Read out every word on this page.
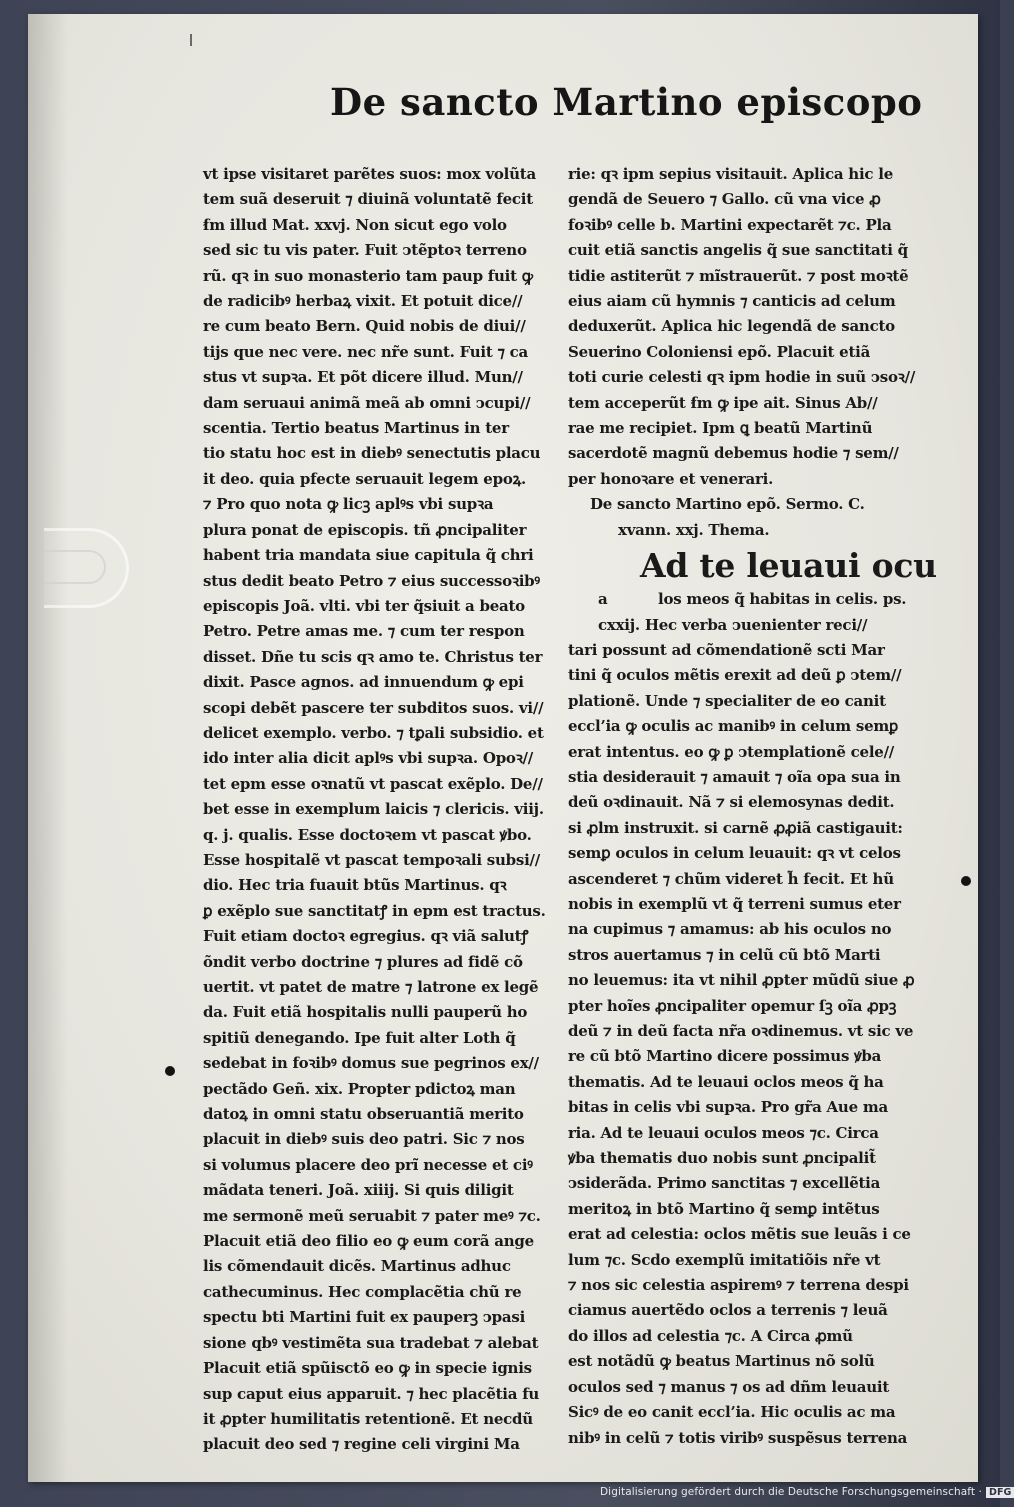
De sancto Martino episcopo
vt ipse visitaret parẽtes suos: mox volũta
tem suã deseruit ⁊ diuinã voluntatẽ fecit
ẜm illud Mat. xxvj. Non sicut ego volo
sed sic tu vis pater. Fuit ↄtẽptoꝛ terreno
rũ. qꝛ in suo monasterio tam paup fuit ꝙ
de radicibꝰ herbaꝝ vixit. Et potuit dice//
re cum beato Bern. Quid nobis de diui//
tijs que nec vere. nec nr̃e sunt. Fuit ⁊ ca
stus vt supꝛa. Et põt dicere illud. Mun//
dam seruaui animã meã ab omni ↄcupi//
scentia. Tertio beatus Martinus in ter
tio statu hoc est in diebꝰ senectutis placu
it deo. quia pfecte seruauit legem epoꝝ.
⁊ Pro quo nota ꝙ licꝫ aplꝰs vbi supꝛa
plura ponat de episcopis. tñ ꝓncipaliter
habent tria mandata siue capitula q̃ chri
stus dedit beato Petro ⁊ eius successoꝛibꝰ
episcopis Joã. vlti. vbi ter q̃siuit a beato
Petro. Petre amas me. ⁊ cum ter respon
disset. Dñe tu scis qꝛ amo te. Christus ter
dixit. Pasce agnos. ad innuendum ꝙ epi
scopi debẽt pascere ter subditos suos. vi//
delicet exemplo. verbo. ⁊ tꝑali subsidio. et
ido inter alia dicit aplꝰs vbi supꝛa. Opoꝛ//
tet epm esse oꝛnatũ vt pascat exẽplo. De//
bet esse in exemplum laicis ⁊ clericis. viij.
q. j. qualis. Esse doctoꝛem vt pascat ꝟbo.
Esse hospitalẽ vt pascat tempoꝛali subsi//
dio. Hec tria fuauit btũs Martinus. qꝛ
ꝑ exẽplo sue sanctitatꝭ in epm est tractus.
Fuit etiam doctoꝛ egregius. qꝛ viã salutꝭ
õndit verbo doctrine ⁊ plures ad fidẽ cõ
uertit. vt patet de matre ⁊ latrone ex legẽ
da. Fuit etiã hospitalis nulli pauperũ ho
spitiũ denegando. Ipe fuit alter Loth q̃
sedebat in foꝛibꝰ domus sue pegrinos ex//
pectãdo Geñ. xix. Propter pdictoꝝ man
datoꝝ in omni statu obseruantiã merito
placuit in diebꝰ suis deo patri. Sic ⁊ nos
si volumus placere deo prĩ necesse et ciꝰ
mãdata teneri. Joã. xiiij. Si quis diligit
me sermonẽ meũ seruabit ⁊ pater meꝰ ⁊c.
Placuit etiã deo filio eo ꝙ eum corã ange
lis cõmendauit dicẽs. Martinus adhuc
cathecuminus. Hec complacẽtia chũ re
spectu bti Martini fuit ex pauperꝫ ↄpasi
sione qbꝰ vestimẽta sua tradebat ⁊ alebat
Placuit etiã spũisctõ eo ꝙ in specie ignis
sup caput eius apparuit. ⁊ hec placẽtia fu
it ꝓpter humilitatis retentionẽ. Et necdũ
placuit deo sed ⁊ regine celi virgini Ma
rie: qꝛ ipm sepius visitauit. Aplica hic le
gendã de Seuero ⁊ Gallo. cũ vna vice ꝓ
foꝛibꝰ celle b. Martini expectarẽt ⁊c. Pla
cuit etiã sanctis angelis q̃ sue sanctitati q̃
tidie astiterũt ⁊ mĩstrauerũt. ⁊ post moꝛtẽ
eius aiam cũ hymnis ⁊ canticis ad celum
deduxerũt. Aplica hic legendã de sancto
Seuerino Coloniensi epõ. Placuit etiã
toti curie celesti qꝛ ipm hodie in suũ ↄsoꝛ//
tem acceperũt ẜm ꝙ ipe ait. Sinus Ab//
rae me recipiet. Ipm ꝗ beatũ Martinũ
sacerdotẽ magnũ debemus hodie ⁊ sem//
per honoꝛare et venerari.
De sancto Martino epõ. Sermo. C.
xvann. xxj. Thema.
Ad te leuaui ocu
a	los meos q̃ habitas in celis. ps.
cxxij. Hec verba ↄuenienter reci//
tari possunt ad cõmendationẽ scti Mar
tini q̃ oculos mẽtis erexit ad deũ ꝑ ↄtem//
plationẽ. Unde ⁊ specialiter de eo canit
eccl’ia ꝙ oculis ac manibꝰ in celum semꝑ
erat intentus. eo ꝙ ꝑ ↄtemplationẽ cele//
stia desiderauit ⁊ amauit ⁊ oĩa opa sua in
deũ oꝛdinauit. Nã ⁊ si elemosynas dedit.
si ꝓlm instruxit. si carnẽ ꝓꝓiã castigauit:
semꝑ oculos in celum leuauit: qꝛ vt celos
ascenderet ⁊ chũm videret h̃ fecit. Et hũ
nobis in exemplũ vt q̃ terreni sumus eter
na cupimus ⁊ amamus: ab his oculos no
stros auertamus ⁊ in celũ cũ btõ Marti
no leuemus: ita vt nihil ꝓpter mũdũ siue ꝓ
pter hoĩes ꝓncipaliter opemur ſꝫ oĩa ꝓpꝫ
deũ ⁊ in deũ facta nr̃a oꝛdinemus. vt sic ve
re cũ btõ Martino dicere possimus ꝟba
thematis. Ad te leuaui oclos meos q̃ ha
bitas in celis vbi supꝛa. Pro gr̃a Aue ma
ria. Ad te leuaui oculos meos ⁊c. Circa
ꝟba thematis duo nobis sunt ꝓncipalit̃
ↄsiderãda. Primo sanctitas ⁊ excellẽtia
meritoꝝ in btõ Martino q̃ semꝑ intẽtus
erat ad celestia: oclos mẽtis sue leuãs i ce
lum ⁊c. Scdo exemplũ imitatiõis nr̃e vt
⁊ nos sic celestia aspiremꝰ ⁊ terrena despi
ciamus auertẽdo oclos a terrenis ⁊ leuã
do illos ad celestia ⁊c. A Circa ꝓmũ
est notãdũ ꝙ beatus Martinus nõ solũ
oculos sed ⁊ manus ⁊ os ad dñm leuauit
Sicꝰ de eo canit eccl’ia. Hic oculis ac ma
nibꝰ in celũ ⁊ totis viribꝰ suspẽsus terrena
Digitalisierung gefördert durch die Deutsche Forschungsgemeinschaft · DFG
